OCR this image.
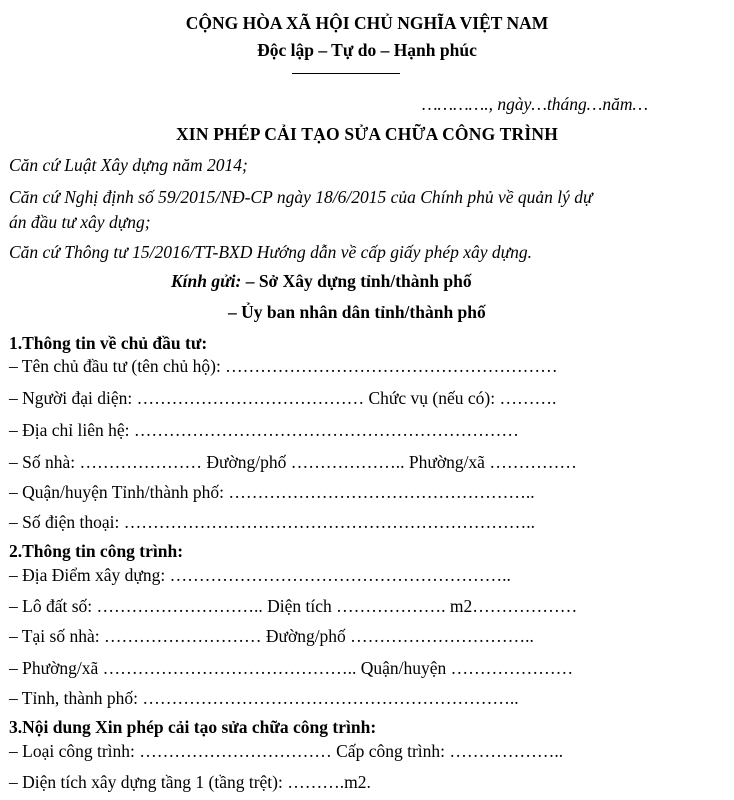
CỘNG HÒA XÃ HỘI CHỦ NGHĨA VIỆT NAM
Độc lập – Tự do – Hạnh phúc
…………., ngày…tháng…năm…
XIN PHÉP CẢI TẠO SỬA CHỮA CÔNG TRÌNH
Căn cứ Luật Xây dựng năm 2014;
Căn cứ Nghị định số 59/2015/NĐ-CP ngày 18/6/2015 của Chính phủ về quản lý dự
án đầu tư xây dựng;
Căn cứ Thông tư 15/2016/TT-BXD Hướng dẫn về cấp giấy phép xây dựng.
Kính gửi: – Sở Xây dựng tỉnh/thành phố
– Ủy ban nhân dân tỉnh/thành phố
1.Thông tin về chủ đầu tư:
– Tên chủ đầu tư (tên chủ hộ): …………………………………………………
– Người đại diện: ………………………………… Chức vụ (nếu có): ……….
– Địa chỉ liên hệ: …………………………………………………………
– Số nhà: ………………… Đường/phố ……………….. Phường/xã ……………
– Quận/huyện Tỉnh/thành phố: ……………………………………………..
– Số điện thoại: ……………………………………………………………..
2.Thông tin công trình:
– Địa Điểm xây dựng: …………………………………………………..
– Lô đất số: ……………………….. Diện tích ………………. m2………………
– Tại số nhà: ……………………… Đường/phố …………………………..
– Phường/xã …………………………………….. Quận/huyện …………………
– Tỉnh, thành phố: ………………………………………………………..
3.Nội dung Xin phép cải tạo sửa chữa công trình:
– Loại công trình: …………………………… Cấp công trình: ………………..
– Diện tích xây dựng tầng 1 (tầng trệt): ……….m2.
